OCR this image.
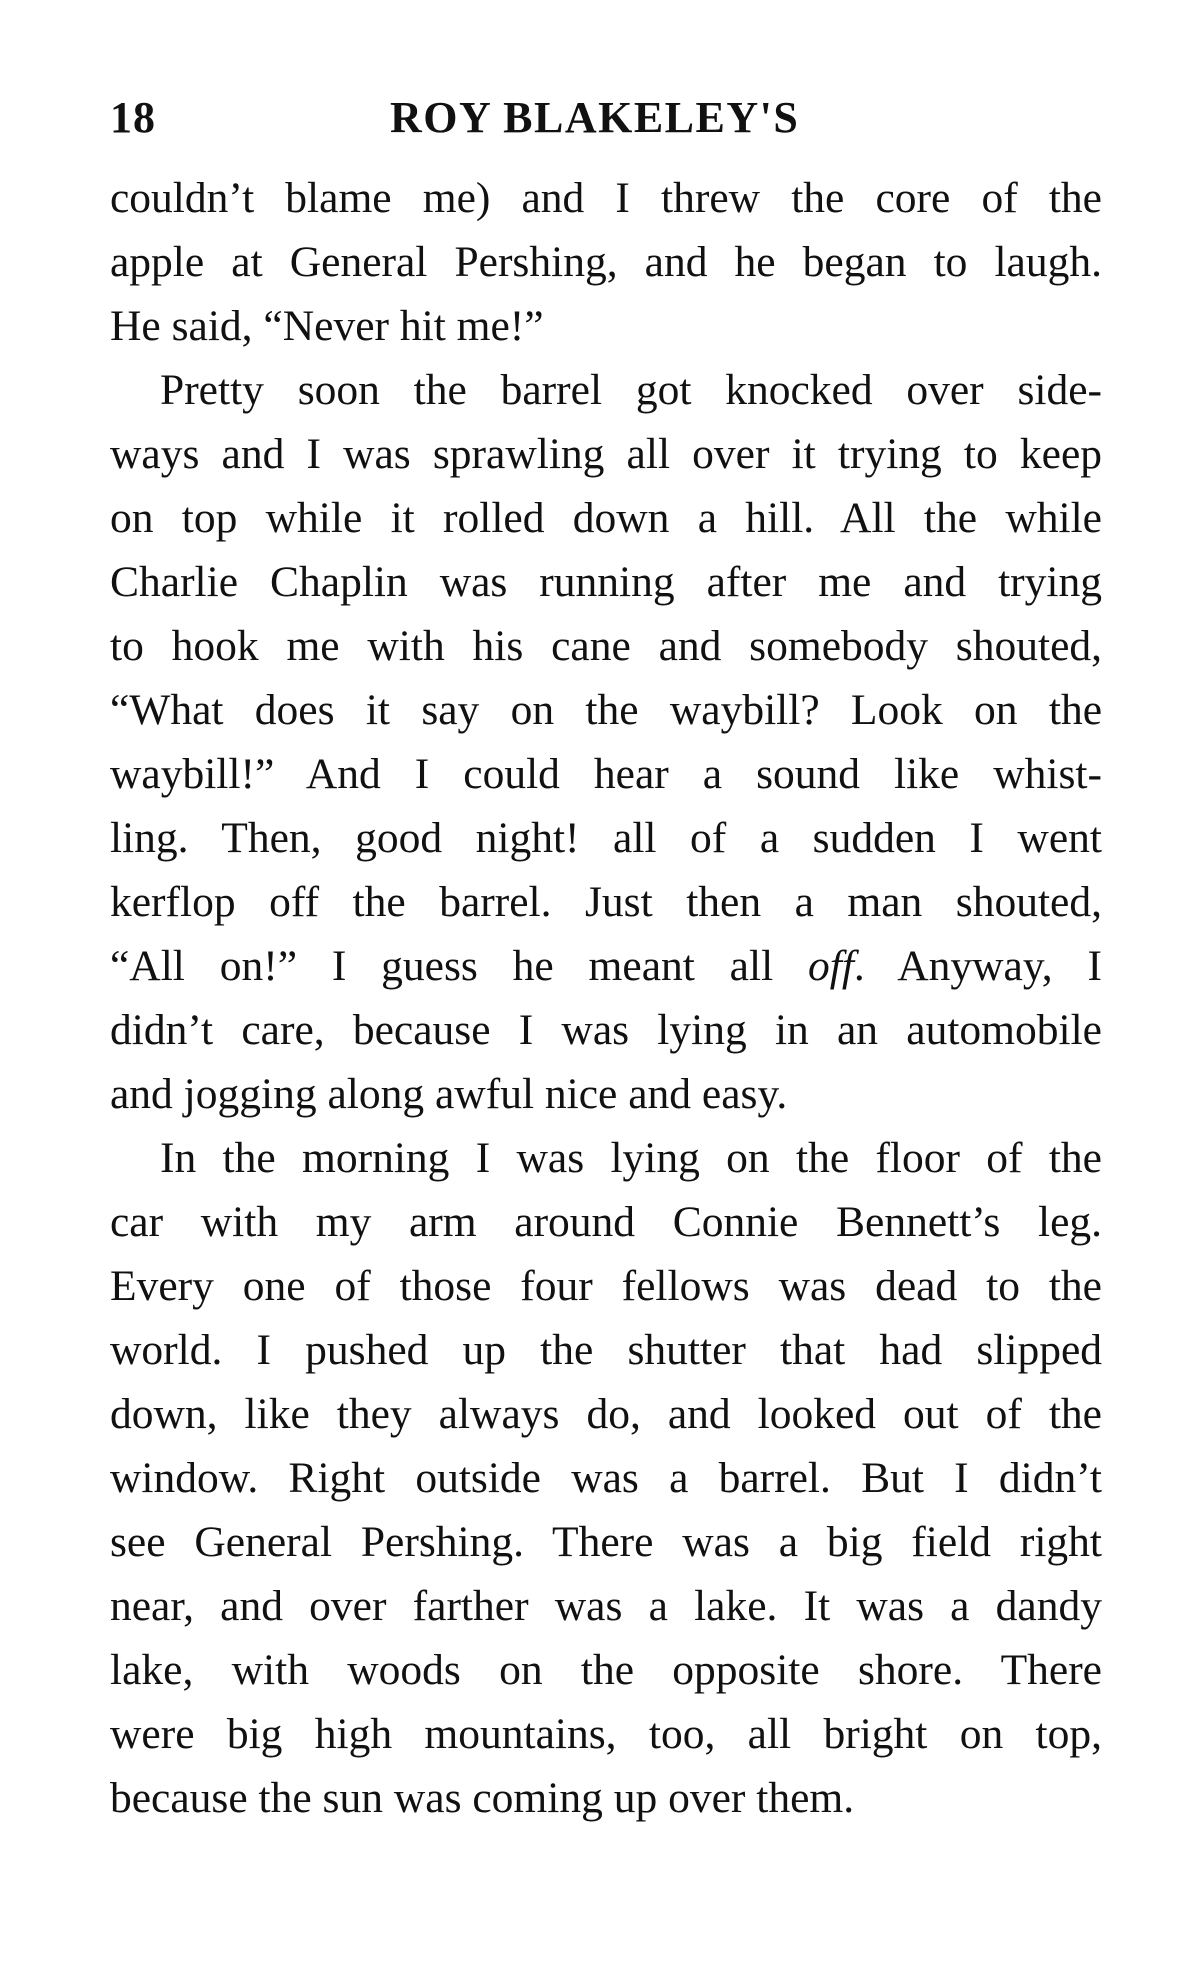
18	ROY BLAKELEY'S
couldn’t blame me) and I threw the core of the
apple at General Pershing, and he began to laugh.
He said, “Never hit me!”
Pretty soon the barrel got knocked over side-
ways and I was sprawling all over it trying to keep
on top while it rolled down a hill. All the while
Charlie Chaplin was running after me and trying
to hook me with his cane and somebody shouted,
“What does it say on the waybill? Look on the
waybill!” And I could hear a sound like whist-
ling. Then, good night! all of a sudden I went
kerflop off the barrel. Just then a man shouted,
“All on!” I guess he meant all off. Anyway, I
didn’t care, because I was lying in an automobile
and jogging along awful nice and easy.
In the morning I was lying on the floor of the
car with my arm around Connie Bennett’s leg.
Every one of those four fellows was dead to the
world. I pushed up the shutter that had slipped
down, like they always do, and looked out of the
window. Right outside was a barrel. But I didn’t
see General Pershing. There was a big field right
near, and over farther was a lake. It was a dandy
lake, with woods on the opposite shore. There
were big high mountains, too, all bright on top,
because the sun was coming up over them.
